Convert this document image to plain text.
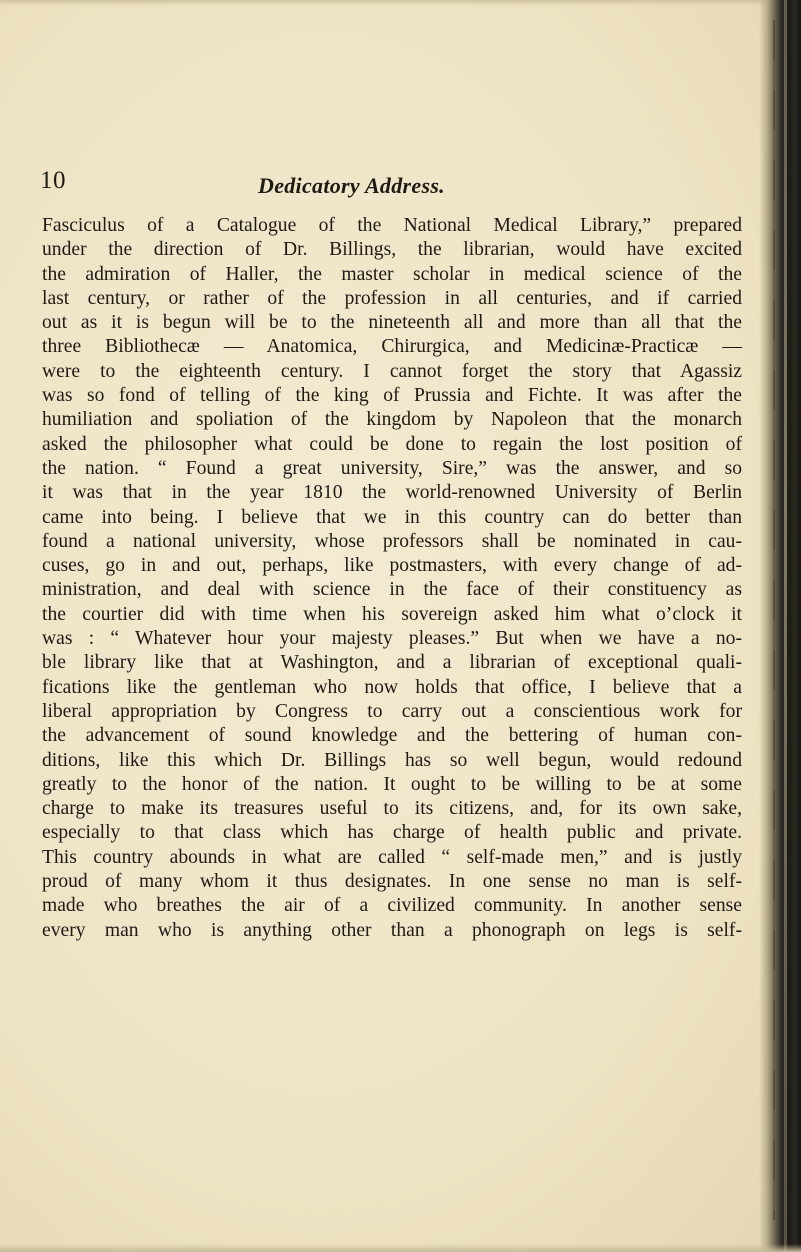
10	Dedicatory Address.
Fasciculus of a Catalogue of the National Medical Library,” prepared
under the direction of Dr. Billings, the librarian, would have excited
the admiration of Haller, the master scholar in medical science of the
last century, or rather of the profession in all centuries, and if carried
out as it is begun will be to the nineteenth all and more than all that the
three Bibliothecæ — Anatomica, Chirurgica, and Medicinæ-Practicæ —
were to the eighteenth century. I cannot forget the story that Agassiz
was so fond of telling of the king of Prussia and Fichte. It was after the
humiliation and spoliation of the kingdom by Napoleon that the monarch
asked the philosopher what could be done to regain the lost position of
the nation. “ Found a great university, Sire,” was the answer, and so
it was that in the year 1810 the world-renowned University of Berlin
came into being. I believe that we in this country can do better than
found a national university, whose professors shall be nominated in cau-
cuses, go in and out, perhaps, like postmasters, with every change of ad-
ministration, and deal with science in the face of their constituency as
the courtier did with time when his sovereign asked him what o’clock it
was : “ Whatever hour your majesty pleases.” But when we have a no-
ble library like that at Washington, and a librarian of exceptional quali-
fications like the gentleman who now holds that office, I believe that a
liberal appropriation by Congress to carry out a conscientious work for
the advancement of sound knowledge and the bettering of human con-
ditions, like this which Dr. Billings has so well begun, would redound
greatly to the honor of the nation. It ought to be willing to be at some
charge to make its treasures useful to its citizens, and, for its own sake,
especially to that class which has charge of health public and private.
This country abounds in what are called “ self-made men,” and is justly
proud of many whom it thus designates. In one sense no man is self-
made who breathes the air of a civilized community. In another sense
every man who is anything other than a phonograph on legs is self-
